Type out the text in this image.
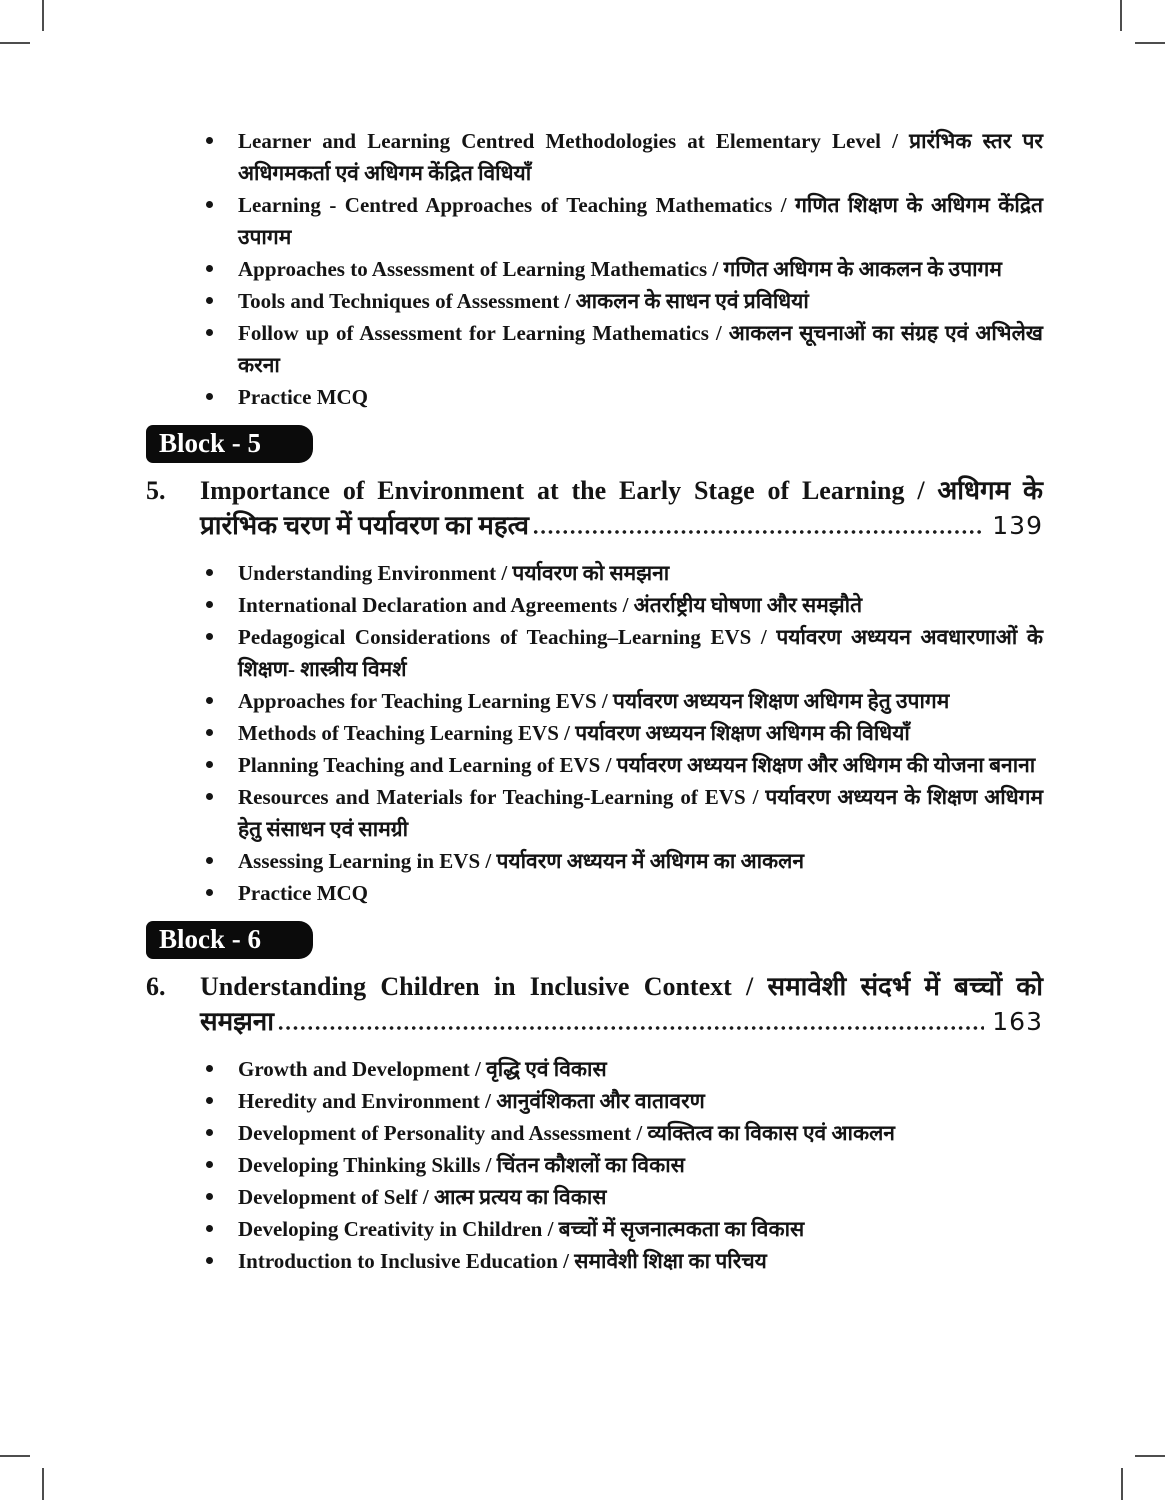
Learner and Learning Centred Methodologies at Elementary Level / प्रारंभिक स्तर पर अधिगमकर्ता एवं अधिगम केंद्रित विधियाँ
Learning - Centred Approaches of Teaching Mathematics / गणित शिक्षण के अधिगम केंद्रित उपागम
Approaches to Assessment of Learning Mathematics / गणित अधिगम के आकलन के उपागम
Tools and Techniques of Assessment / आकलन के साधन एवं प्रविधियां
Follow up of Assessment for Learning Mathematics / आकलन सूचनाओं का संग्रह एवं अभिलेख करना
Practice MCQ
Block - 5
5. Importance of Environment at the Early Stage of Learning / अधिगम के
प्रारंभिक चरण में पर्यावरण का महत्व	139
Understanding Environment / पर्यावरण को समझना
International Declaration and Agreements / अंतर्राष्ट्रीय घोषणा और समझौते
Pedagogical Considerations of Teaching–Learning EVS / पर्यावरण अध्ययन अवधारणाओं के शिक्षण- शास्त्रीय विमर्श
Approaches for Teaching Learning EVS / पर्यावरण अध्ययन शिक्षण अधिगम हेतु उपागम
Methods of Teaching Learning EVS / पर्यावरण अध्ययन शिक्षण अधिगम की विधियाँ
Planning Teaching and Learning of EVS / पर्यावरण अध्ययन शिक्षण और अधिगम की योजना बनाना
Resources and Materials for Teaching-Learning of EVS / पर्यावरण अध्ययन के शिक्षण अधिगम हेतु संसाधन एवं सामग्री
Assessing Learning in EVS / पर्यावरण अध्ययन में अधिगम का आकलन
Practice MCQ
Block - 6
6. Understanding Children in Inclusive Context / समावेशी संदर्भ में बच्चों को
समझना	163
Growth and Development / वृद्धि एवं विकास
Heredity and Environment / आनुवंशिकता और वातावरण
Development of Personality and Assessment / व्यक्तित्व का विकास एवं आकलन
Developing Thinking Skills / चिंतन कौशलों का विकास
Development of Self / आत्म प्रत्यय का विकास
Developing Creativity in Children / बच्चों में सृजनात्मकता का विकास
Introduction to Inclusive Education / समावेशी शिक्षा का परिचय
